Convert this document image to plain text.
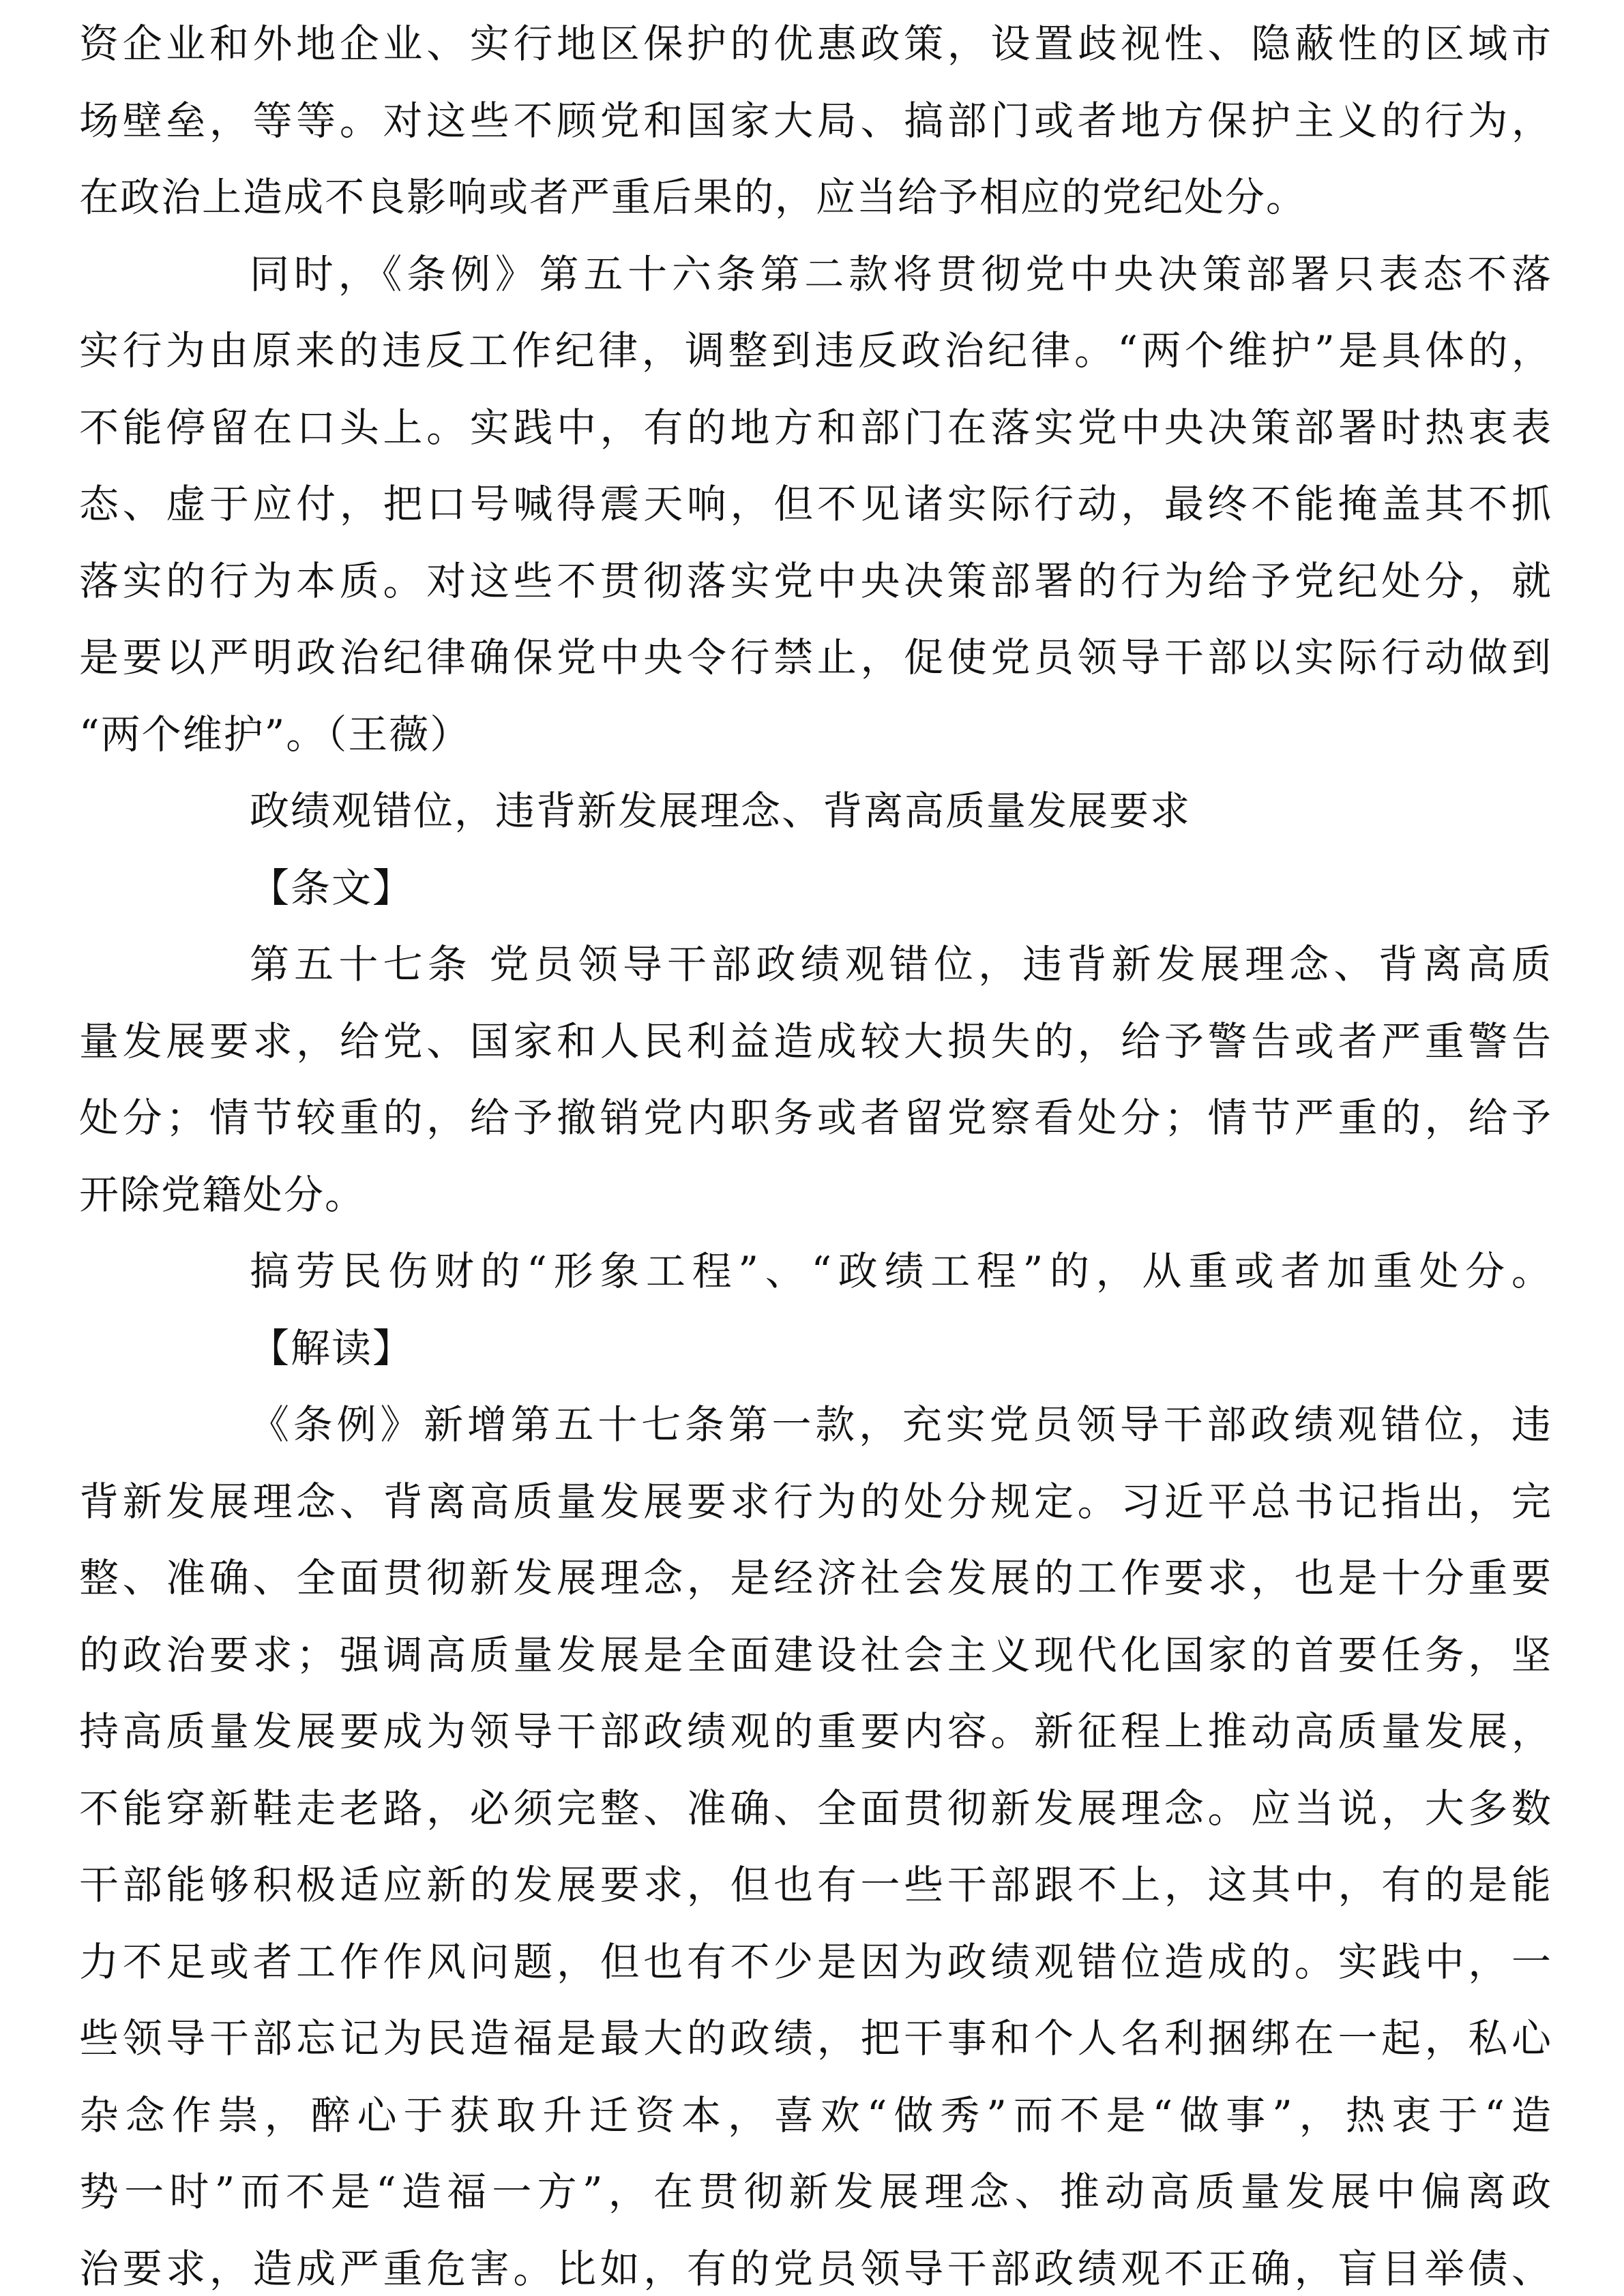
资企业和外地企业、实行地区保护的优惠政策，设置歧视性、隐蔽性的区域市
场壁垒，等等。对这些不顾党和国家大局、搞部门或者地方保护主义的行为，
在政治上造成不良影响或者严重后果的，应当给予相应的党纪处分。
同时，《条例》第五十六条第二款将贯彻党中央决策部署只表态不落
实行为由原来的违反工作纪律，调整到违反政治纪律。“两个维护”是具体的，
不能停留在口头上。实践中，有的地方和部门在落实党中央决策部署时热衷表
态、虚于应付，把口号喊得震天响，但不见诸实际行动，最终不能掩盖其不抓
落实的行为本质。对这些不贯彻落实党中央决策部署的行为给予党纪处分，就
是要以严明政治纪律确保党中央令行禁止，促使党员领导干部以实际行动做到
“两个维护”。（王薇）
政绩观错位，违背新发展理念、背离高质量发展要求
【条文】
第五十七条 党员领导干部政绩观错位，违背新发展理念、背离高质
量发展要求，给党、国家和人民利益造成较大损失的，给予警告或者严重警告
处分；情节较重的，给予撤销党内职务或者留党察看处分；情节严重的，给予
开除党籍处分。
搞劳民伤财的“形象工程”、“政绩工程”的，从重或者加重处分。
【解读】
《条例》新增第五十七条第一款，充实党员领导干部政绩观错位，违
背新发展理念、背离高质量发展要求行为的处分规定。习近平总书记指出，完
整、准确、全面贯彻新发展理念，是经济社会发展的工作要求，也是十分重要
的政治要求；强调高质量发展是全面建设社会主义现代化国家的首要任务，坚
持高质量发展要成为领导干部政绩观的重要内容。新征程上推动高质量发展，
不能穿新鞋走老路，必须完整、准确、全面贯彻新发展理念。应当说，大多数
干部能够积极适应新的发展要求，但也有一些干部跟不上，这其中，有的是能
力不足或者工作作风问题，但也有不少是因为政绩观错位造成的。实践中，一
些领导干部忘记为民造福是最大的政绩，把干事和个人名利捆绑在一起，私心
杂念作祟，醉心于获取升迁资本，喜欢“做秀”而不是“做事”，热衷于“造
势一时”而不是“造福一方”，在贯彻新发展理念、推动高质量发展中偏离政
治要求，造成严重危害。比如，有的党员领导干部政绩观不正确，盲目举债、
